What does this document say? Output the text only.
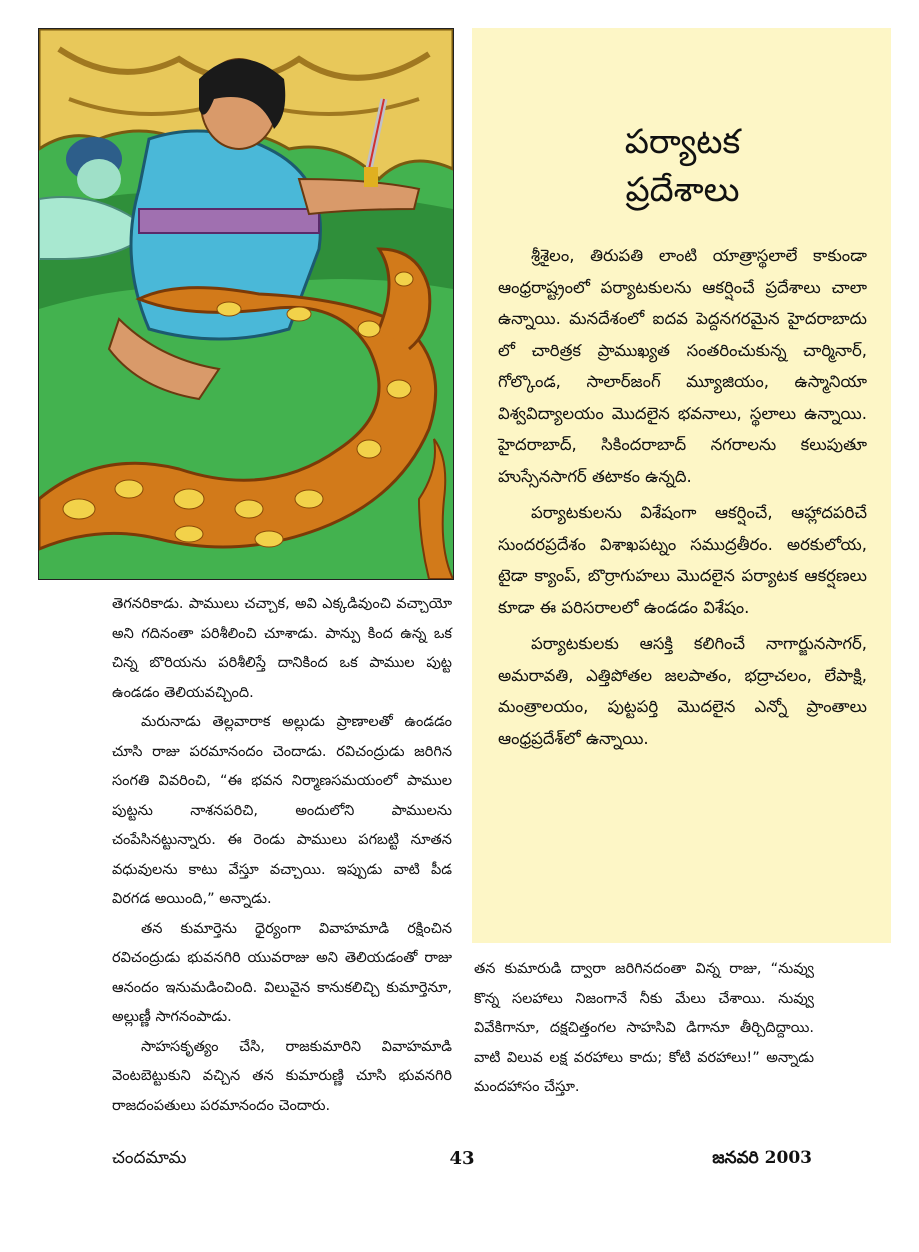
పర్యాటక
ప్రదేశాలు

శ్రీశైలం, తిరుపతి లాంటి యాత్రాస్థలాలే కాకుండా ఆంధ్రరాష్ట్రంలో పర్యాటకులను ఆకర్షించే ప్రదేశాలు చాలా ఉన్నాయి. మనదేశంలో ఐదవ పెద్దనగరమైన హైదరాబాదు లో చారిత్రక ప్రాముఖ్యత సంతరించుకున్న చార్మినార్, గోల్కొండ, సాలార్‌జంగ్ మ్యూజియం, ఉస్మానియా విశ్వవిద్యాలయం మొదలైన భవనాలు, స్థలాలు ఉన్నాయి. హైదరాబాద్, సికిందరాబాద్ నగరాలను కలుపుతూ హుస్సేనసాగర్ తటాకం ఉన్నది.

పర్యాటకులను విశేషంగా ఆకర్షించే, ఆహ్లాదపరిచే సుందరప్రదేశం విశాఖపట్నం సముద్రతీరం. అరకులోయ, టైడా క్యాంప్, బొర్రాగుహలు మొదలైన పర్యాటక ఆకర్షణలు కూడా ఈ పరిసరాలలో ఉండడం విశేషం.

పర్యాటకులకు ఆసక్తి కలిగించే నాగార్జునసాగర్, అమరావతి, ఎత్తిపోతల జలపాతం, భద్రాచలం, లేపాక్షి, మంత్రాలయం, పుట్టపర్తి మొదలైన ఎన్నో ప్రాంతాలు ఆంధ్రప్రదేశ్‌లో ఉన్నాయి.

తెగనరికాడు. పాములు చచ్చాక, అవి ఎక్కడివుంచి వచ్చాయో అని గదినంతా పరిశీలించి చూశాడు. పాన్పు కింద ఉన్న ఒక చిన్న బొరియను పరిశీలిస్తే దానికింద ఒక పాముల పుట్ట ఉండడం తెలియవచ్చింది.

మరునాడు తెల్లవారాక అల్లుడు ప్రాణాలతో ఉండడం చూసి రాజు పరమానందం చెందాడు. రవిచంద్రుడు జరిగిన సంగతి వివరించి, “ఈ భవన నిర్మాణసమయంలో పాముల పుట్టను నాశనపరిచి, అందులోని పాములను చంపేసినట్టున్నారు. ఈ రెండు పాములు పగబట్టి నూతన వధువులను కాటు వేస్తూ వచ్చాయి. ఇప్పుడు వాటి పీడ విరగడ అయింది,” అన్నాడు.

తన కుమార్తెను ధైర్యంగా వివాహమాడి రక్షించిన రవిచంద్రుడు భువనగిరి యువరాజు అని తెలియడంతో రాజు ఆనందం ఇనుమడించింది. విలువైన కానుకలిచ్చి కుమార్తెనూ, అల్లుణ్ణీ సాగనంపాడు.

సాహసకృత్యం చేసి, రాజకుమారిని వివాహమాడి వెంటబెట్టుకుని వచ్చిన తన కుమారుణ్ణి చూసి భువనగిరి రాజదంపతులు పరమానందం చెందారు.

తన కుమారుడి ద్వారా జరిగినదంతా విన్న రాజు, “నువ్వు కొన్న సలహాలు నిజంగానే నీకు మేలు చేశాయి. నువ్వు వివేకిగానూ, దక్షచిత్తంగల సాహసివి డిగానూ తీర్చిదిద్దాయి. వాటి విలువ లక్ష వరహాలు కాదు; కోటి వరహాలు!” అన్నాడు మందహాసం చేస్తూ.

చందమామ	43	జనవరి 2003
